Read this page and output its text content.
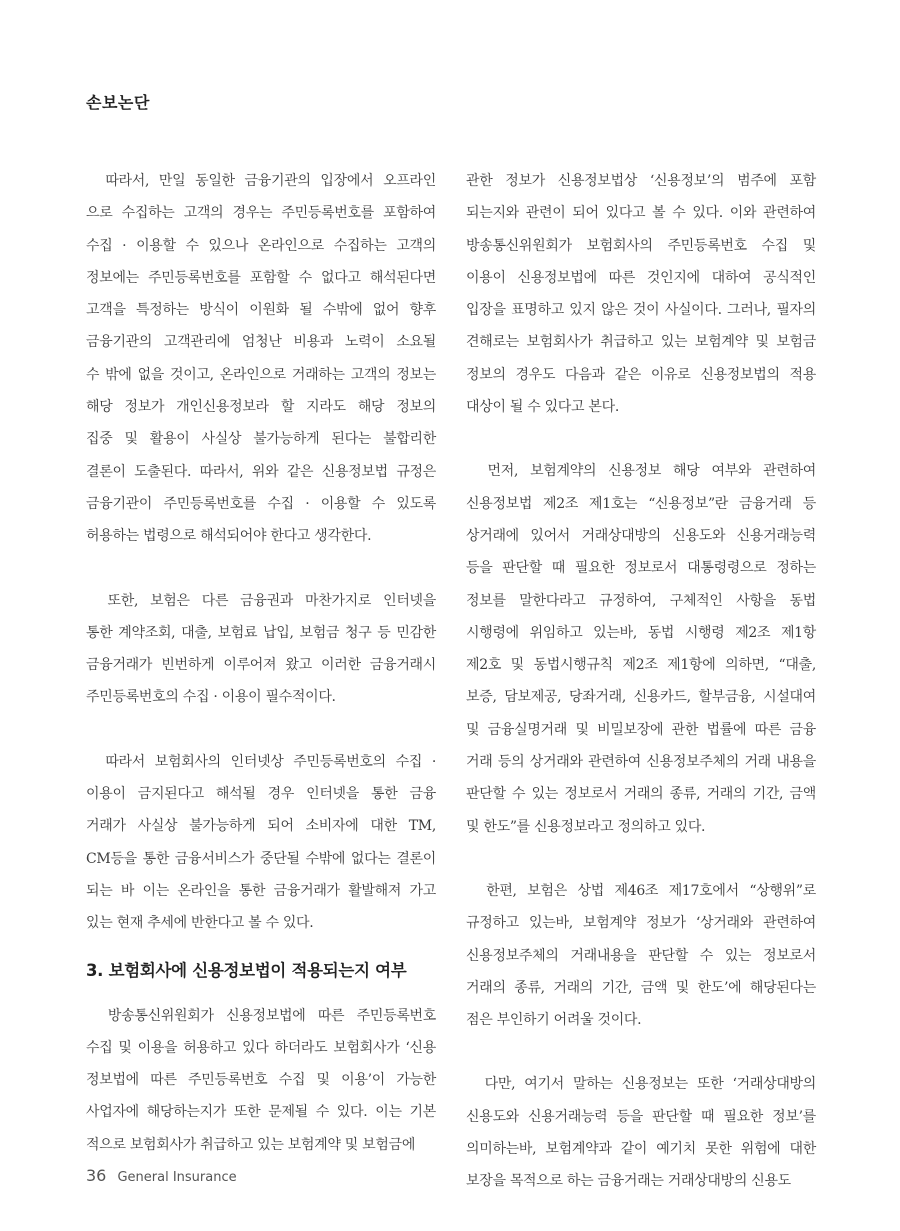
손보논단

　따라서, 만일 동일한 금융기관의 입장에서 오프라인

으로 수집하는 고객의 경우는 주민등록번호를 포함하여

수집 · 이용할 수 있으나 온라인으로 수집하는 고객의

정보에는 주민등록번호를 포함할 수 없다고 해석된다면

고객을 특정하는 방식이 이원화 될 수밖에 없어 향후

금융기관의 고객관리에 엄청난 비용과 노력이 소요될

수 밖에 없을 것이고, 온라인으로 거래하는 고객의 정보는

해당 정보가 개인신용정보라 할 지라도 해당 정보의

집중 및 활용이 사실상 불가능하게 된다는 불합리한

결론이 도출된다. 따라서, 위와 같은 신용정보법 규정은

금융기관이 주민등록번호를 수집 · 이용할 수 있도록

허용하는 법령으로 해석되어야 한다고 생각한다.

　또한, 보험은 다른 금융권과 마찬가지로 인터넷을

통한 계약조회, 대출, 보험료 납입, 보험금 청구 등 민감한

금융거래가 빈번하게 이루어져 왔고 이러한 금융거래시

주민등록번호의 수집 · 이용이 필수적이다.

　따라서 보험회사의 인터넷상 주민등록번호의 수집 ·

이용이 금지된다고 해석될 경우 인터넷을 통한 금융

거래가 사실상 불가능하게 되어 소비자에 대한 TM,

CM등을 통한 금융서비스가 중단될 수밖에 없다는 결론이

되는 바 이는 온라인을 통한 금융거래가 활발해져 가고

있는 현재 추세에 반한다고 볼 수 있다.

3. 보험회사에 신용정보법이 적용되는지 여부

　방송통신위원회가 신용정보법에 따른 주민등록번호

수집 및 이용을 허용하고 있다 하더라도 보험회사가 ‘신용

정보법에 따른 주민등록번호 수집 및 이용’이 가능한

사업자에 해당하는지가 또한 문제될 수 있다. 이는 기본

적으로 보험회사가 취급하고 있는 보험계약 및 보험금에

관한 정보가 신용정보법상 ‘신용정보’의 범주에 포함

되는지와 관련이 되어 있다고 볼 수 있다. 이와 관련하여

방송통신위원회가 보험회사의 주민등록번호 수집 및

이용이 신용정보법에 따른 것인지에 대하여 공식적인

입장을 표명하고 있지 않은 것이 사실이다. 그러나, 필자의

견해로는 보험회사가 취급하고 있는 보험계약 및 보험금

정보의 경우도 다음과 같은 이유로 신용정보법의 적용

대상이 될 수 있다고 본다.

　먼저, 보험계약의 신용정보 해당 여부와 관련하여

신용정보법 제2조 제1호는 “신용정보”란 금융거래 등

상거래에 있어서 거래상대방의 신용도와 신용거래능력

등을 판단할 때 필요한 정보로서 대통령령으로 정하는

정보를 말한다라고 규정하여, 구체적인 사항을 동법

시행령에 위임하고 있는바, 동법 시행령 제2조 제1항

제2호 및 동법시행규칙 제2조 제1항에 의하면, “대출,

보증, 담보제공, 당좌거래, 신용카드, 할부금융, 시설대여

및 금융실명거래 및 비밀보장에 관한 법률에 따른 금융

거래 등의 상거래와 관련하여 신용정보주체의 거래 내용을

판단할 수 있는 정보로서 거래의 종류, 거래의 기간, 금액

및 한도”를 신용정보라고 정의하고 있다.

　한편, 보험은 상법 제46조 제17호에서 “상행위”로

규정하고 있는바, 보험계약 정보가 ‘상거래와 관련하여

신용정보주체의 거래내용을 판단할 수 있는 정보로서

거래의 종류, 거래의 기간, 금액 및 한도’에 해당된다는

점은 부인하기 어려울 것이다.

　다만, 여기서 말하는 신용정보는 또한 ‘거래상대방의

신용도와 신용거래능력 등을 판단할 때 필요한 정보’를

의미하는바, 보험계약과 같이 예기치 못한 위험에 대한

보장을 목적으로 하는 금융거래는 거래상대방의 신용도

36 General Insurance
